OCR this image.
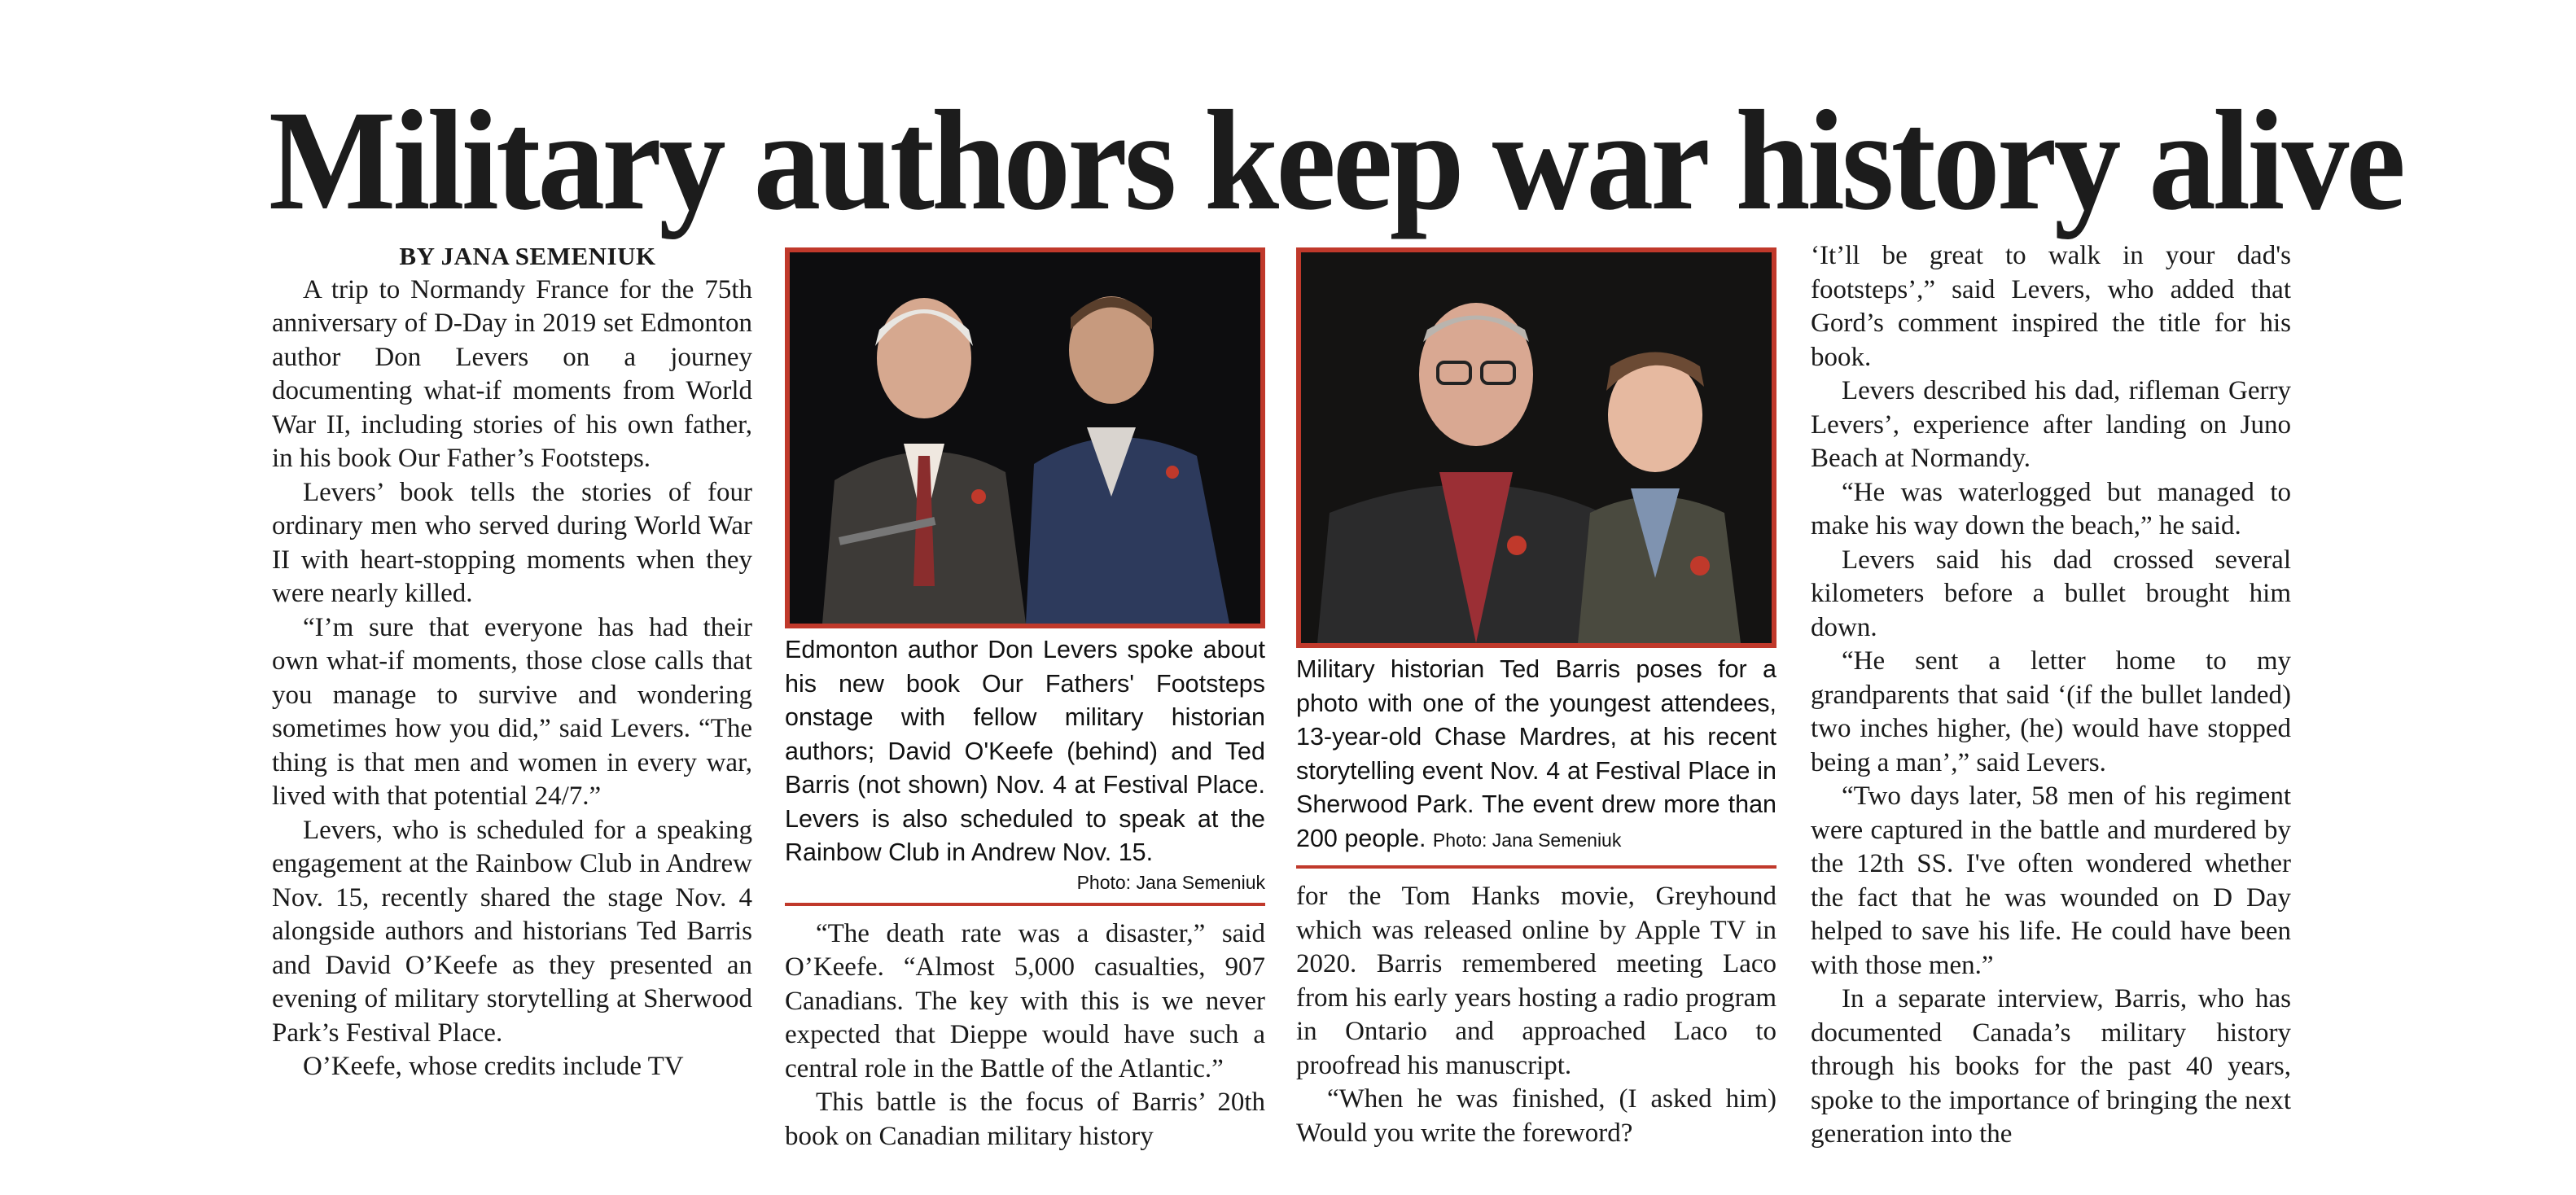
Military authors keep war history alive

BY JANA SEMENIUK

A trip to Normandy France for the 75th anniversary of D-Day in 2019 set Edmonton author Don Levers on a journey documenting what-if moments from World War II, including stories of his own father, in his book Our Father’s Footsteps.

Levers’ book tells the stories of four ordinary men who served during World War II with heart-stopping moments when they were nearly killed.

“I’m sure that everyone has had their own what-if moments, those close calls that you manage to survive and wondering sometimes how you did,” said Levers. “The thing is that men and women in every war, lived with that potential 24/7.”

Levers, who is scheduled for a speaking engagement at the Rainbow Club in Andrew Nov. 15, recently shared the stage Nov. 4 alongside authors and historians Ted Barris and David O’Keefe as they presented an evening of military storytelling at Sherwood Park’s Festival Place.

O’Keefe, whose credits include TV

Edmonton author Don Levers spoke about his new book Our Fathers' Footsteps onstage with fellow military historian authors; David O'Keefe (behind) and Ted Barris (not shown) Nov. 4 at Festival Place. Levers is also scheduled to speak at the Rainbow Club in Andrew Nov. 15.
Photo: Jana Semeniuk

“The death rate was a disaster,” said O’Keefe. “Almost 5,000 casualties, 907 Canadians. The key with this is we never expected that Dieppe would have such a central role in the Battle of the Atlantic.”

This battle is the focus of Barris’ 20th book on Canadian military history

Military historian Ted Barris poses for a photo with one of the youngest attendees, 13-year-old Chase Mardres, at his recent storytelling event Nov. 4 at Festival Place in Sherwood Park. The event drew more than 200 people. Photo: Jana Semeniuk

for the Tom Hanks movie, Greyhound which was released online by Apple TV in 2020. Barris remembered meeting Laco from his early years hosting a radio program in Ontario and approached Laco to proofread his manuscript.

“When he was finished, (I asked him) Would you write the foreword?

‘It’ll be great to walk in your dad's footsteps’,” said Levers, who added that Gord’s comment inspired the title for his book.

Levers described his dad, rifleman Gerry Levers’, experience after landing on Juno Beach at Normandy.

“He was waterlogged but managed to make his way down the beach,” he said.

Levers said his dad crossed several kilometers before a bullet brought him down.

“He sent a letter home to my grandparents that said ‘(if the bullet landed) two inches higher, (he) would have stopped being a man’,” said Levers.

“Two days later, 58 men of his regiment were captured in the battle and murdered by the 12th SS. I've often wondered whether the fact that he was wounded on D Day helped to save his life. He could have been with those men.”

In a separate interview, Barris, who has documented Canada’s military history through his books for the past 40 years, spoke to the importance of bringing the next generation into the
